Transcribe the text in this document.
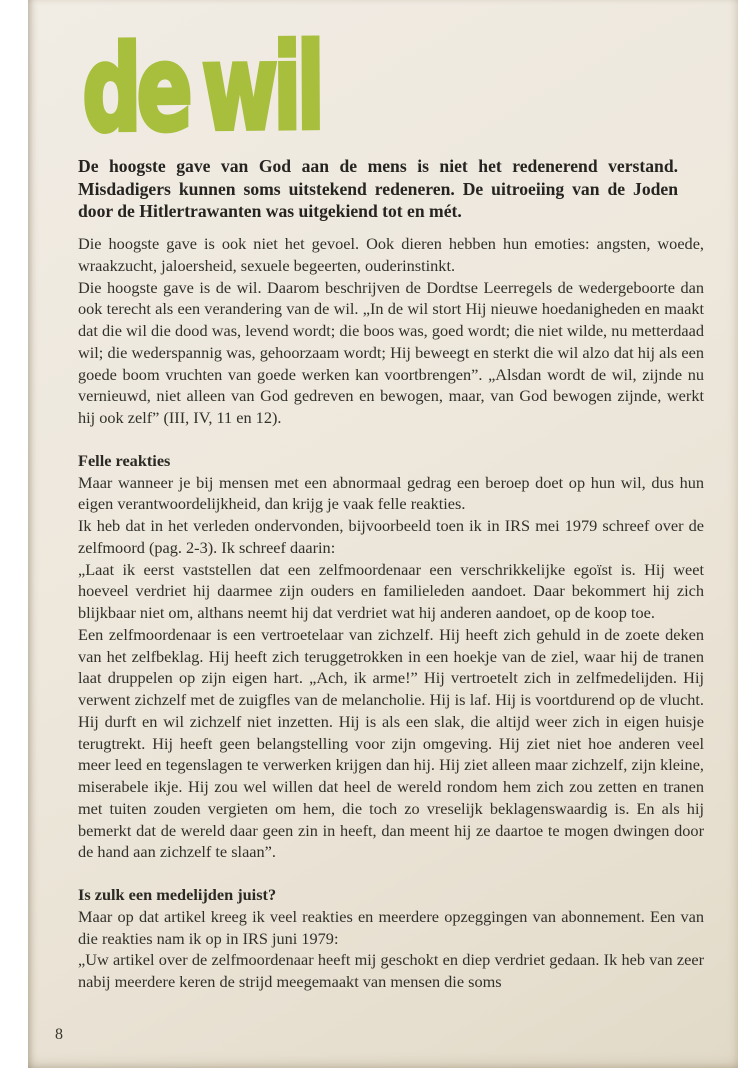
de wil

De hoogste gave van God aan de mens is niet het redenerend verstand. Misdadigers kunnen soms uitstekend redeneren. De uitroeiing van de Joden door de Hitlertrawanten was uitgekiend tot en mét.

Die hoogste gave is ook niet het gevoel. Ook dieren hebben hun emoties: angsten, woede, wraakzucht, jaloersheid, sexuele begeerten, ouderinstinkt.

Die hoogste gave is de wil. Daarom beschrijven de Dordtse Leerregels de wedergeboorte dan ook terecht als een verandering van de wil. „In de wil stort Hij nieuwe hoedanigheden en maakt dat die wil die dood was, levend wordt; die boos was, goed wordt; die niet wilde, nu metterdaad wil; die wederspannig was, gehoorzaam wordt; Hij beweegt en sterkt die wil alzo dat hij als een goede boom vruchten van goede werken kan voortbrengen”. „Alsdan wordt de wil, zijnde nu vernieuwd, niet alleen van God gedreven en bewogen, maar, van God bewogen zijnde, werkt hij ook zelf” (III, IV, 11 en 12).

Felle reakties

Maar wanneer je bij mensen met een abnormaal gedrag een beroep doet op hun wil, dus hun eigen verantwoordelijkheid, dan krijg je vaak felle reakties.

Ik heb dat in het verleden ondervonden, bijvoorbeeld toen ik in IRS mei 1979 schreef over de zelfmoord (pag. 2-3). Ik schreef daarin:

„Laat ik eerst vaststellen dat een zelfmoordenaar een verschrikkelijke egoïst is. Hij weet hoeveel verdriet hij daarmee zijn ouders en familieleden aandoet. Daar bekommert hij zich blijkbaar niet om, althans neemt hij dat verdriet wat hij anderen aandoet, op de koop toe.

Een zelfmoordenaar is een vertroetelaar van zichzelf. Hij heeft zich gehuld in de zoete deken van het zelfbeklag. Hij heeft zich teruggetrokken in een hoekje van de ziel, waar hij de tranen laat druppelen op zijn eigen hart. „Ach, ik arme!” Hij vertroetelt zich in zelfmedelijden. Hij verwent zichzelf met de zuigfles van de melancholie. Hij is laf. Hij is voortdurend op de vlucht. Hij durft en wil zichzelf niet inzetten. Hij is als een slak, die altijd weer zich in eigen huisje terugtrekt. Hij heeft geen belangstelling voor zijn omgeving. Hij ziet niet hoe anderen veel meer leed en tegenslagen te verwerken krijgen dan hij. Hij ziet alleen maar zichzelf, zijn kleine, miserabele ikje. Hij zou wel willen dat heel de wereld rondom hem zich zou zetten en tranen met tuiten zouden vergieten om hem, die toch zo vreselijk beklagenswaardig is. En als hij bemerkt dat de wereld daar geen zin in heeft, dan meent hij ze daartoe te mogen dwingen door de hand aan zichzelf te slaan”.

Is zulk een medelijden juist?

Maar op dat artikel kreeg ik veel reakties en meerdere opzeggingen van abonnement. Een van die reakties nam ik op in IRS juni 1979:

„Uw artikel over de zelfmoordenaar heeft mij geschokt en diep verdriet gedaan. Ik heb van zeer nabij meerdere keren de strijd meegemaakt van mensen die soms

8
